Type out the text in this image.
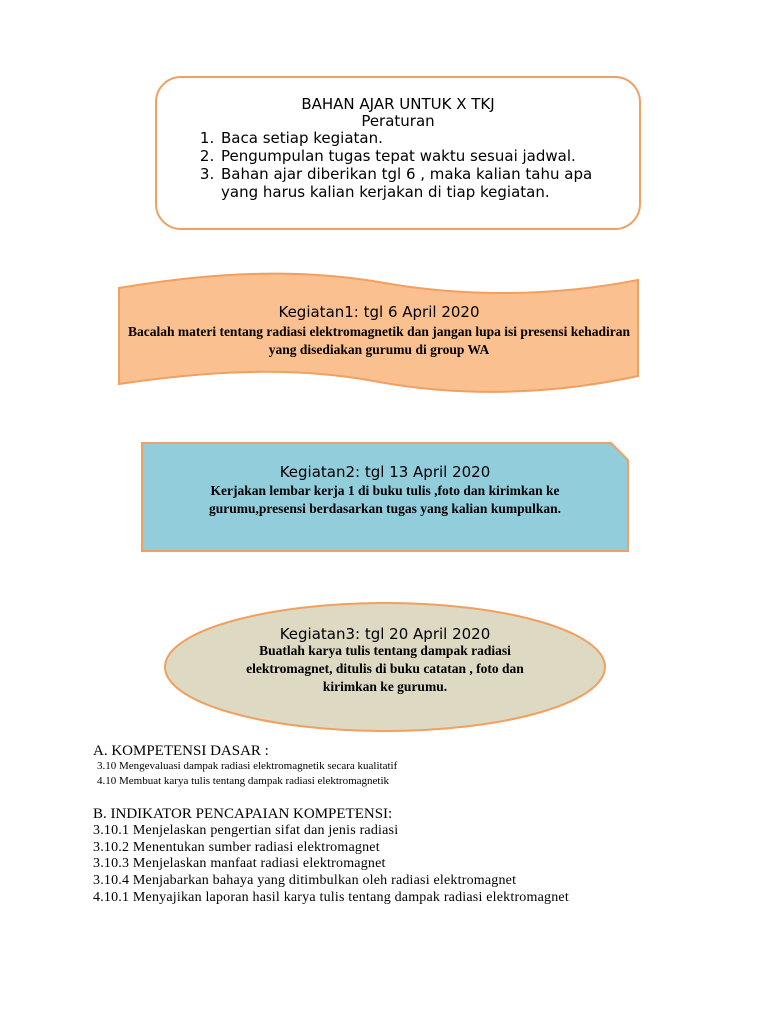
BAHAN AJAR UNTUK X TKJ
Peraturan
1. Baca setiap kegiatan.
2. Pengumpulan tugas tepat waktu sesuai jadwal.
3. Bahan ajar diberikan tgl 6 , maka kalian tahu apa yang harus kalian kerjakan di tiap kegiatan.
Kegiatan1: tgl 6 April 2020
Bacalah materi tentang radiasi elektromagnetik dan jangan lupa isi presensi kehadiran yang disediakan gurumu di group WA
Kegiatan2: tgl 13 April 2020
Kerjakan lembar kerja 1 di buku tulis ,foto dan kirimkan ke gurumu,presensi berdasarkan tugas yang kalian kumpulkan.
Kegiatan3: tgl 20 April 2020
Buatlah karya tulis tentang dampak radiasi elektromagnet, ditulis di buku catatan , foto dan kirimkan ke gurumu.
A. KOMPETENSI DASAR :
3.10 Mengevaluasi dampak radiasi elektromagnetik secara kualitatif
4.10 Membuat karya tulis tentang dampak radiasi elektromagnetik
B. INDIKATOR PENCAPAIAN KOMPETENSI:
3.10.1 Menjelaskan pengertian sifat dan jenis radiasi
3.10.2 Menentukan sumber radiasi elektromagnet
3.10.3 Menjelaskan manfaat radiasi elektromagnet
3.10.4 Menjabarkan bahaya yang ditimbulkan oleh radiasi elektromagnet
4.10.1 Menyajikan laporan hasil karya tulis tentang dampak radiasi elektromagnet
